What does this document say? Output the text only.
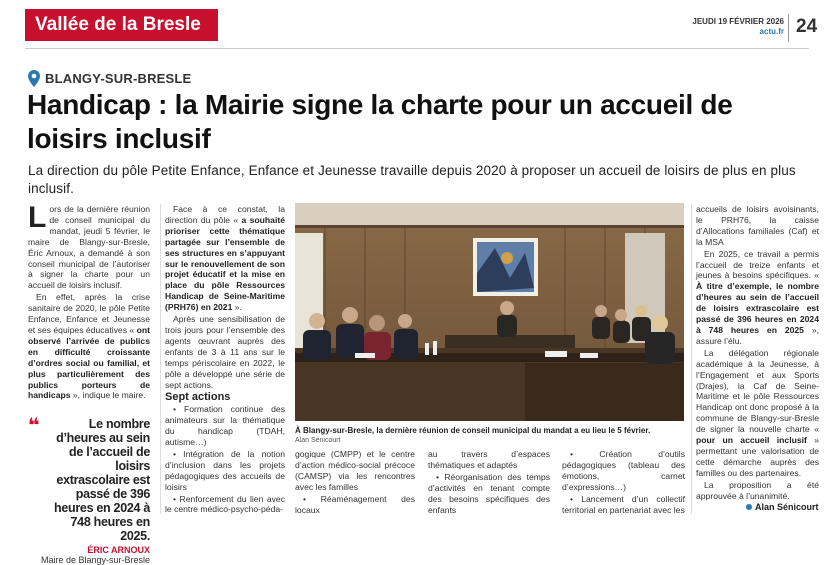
Vallée de la Bresle	JEUDI 19 FÉVRIER 2026
actu.fr 24
BLANGY-SUR-BRESLE
Handicap : la Mairie signe la charte pour un accueil de loisirs inclusif
La direction du pôle Petite Enfance, Enfance et Jeunesse travaille depuis 2020 à proposer un accueil de loisirs de plus en plus inclusif.

Lors de la dernière réunion de conseil municipal du mandat, jeudi 5 février, le maire de Blangy-sur-Bresle, Éric Arnoux, a demandé à son conseil municipal de l’autoriser à signer la charte pour un accueil de loisirs inclusif.

En effet, après la crise sanitaire de 2020, le pôle Petite Enfance, Enfance et Jeunesse et ses équipes éducatives « ont observé l’arrivée de publics en difficulté croissante d’ordres social ou familial, et plus particulièrement des publics porteurs de handicaps », indique le maire.

❝	Le nombre d’heures au sein de l’accueil de loisirs extrascolaire est passé de 396 heures en 2024 à 748 heures en 2025.
ÉRIC ARNOUX
Maire de Blangy-sur-Bresle

Face à ce constat, la direction du pôle « a souhaité prioriser cette thématique partagée sur l’ensemble de ses structures en s’appuyant sur le renouvellement de son projet éducatif et la mise en place du pôle Ressources Handicap de Seine-Maritime (PRH76) en 2021 ».

Après une sensibilisation de trois jours pour l’ensemble des agents œuvrant auprès des enfants de 3 à 11 ans sur le temps périscolaire en 2022, le pôle a développé une série de sept actions.

Sept actions

• Formation continue des animateurs sur la thématique du handicap (TDAH, autisme…)

• Intégration de la notion d’inclusion dans les projets pédagogiques des accueils de loisirs

• Renforcement du lien avec le centre médico-psycho-péda-

À Blangy-sur-Bresle, la dernière réunion de conseil municipal du mandat a eu lieu le 5 février.
Alan Sénicourt

gogique (CMPP) et le centre d’action médico-social précoce (CAMSP) via les rencontres avec les familles

• Réaménagement des locaux

au travers d’espaces thématiques et adaptés

• Réorganisation des temps d’activités en tenant compte des besoins spécifiques des enfants

• Création d’outils pédagogiques (tableau des émotions, carnet d’expressions…)

• Lancement d’un collectif territorial en partenariat avec les

accueils de loisirs avoisinants, le PRH76, la caisse d’Allocations familiales (Caf) et la MSA

En 2025, ce travail a permis l’accueil de treize enfants et jeunes à besoins spécifiques. « À titre d’exemple, le nombre d’heures au sein de l’accueil de loisirs extrascolaire est passé de 396 heures en 2024 à 748 heures en 2025 », assure l’élu.

La délégation régionale académique à la Jeunesse, à l’Engagement et aux Sports (Drajes), la Caf de Seine-Maritime et le pôle Ressources Handicap ont donc proposé à la commune de Blangy-sur-Bresle de signer la nouvelle charte « pour un accueil inclusif » permettant une valorisation de cette démarche auprès des familles ou des partenaires.

La proposition a été approuvée à l’unanimité.

Alan Sénicourt
